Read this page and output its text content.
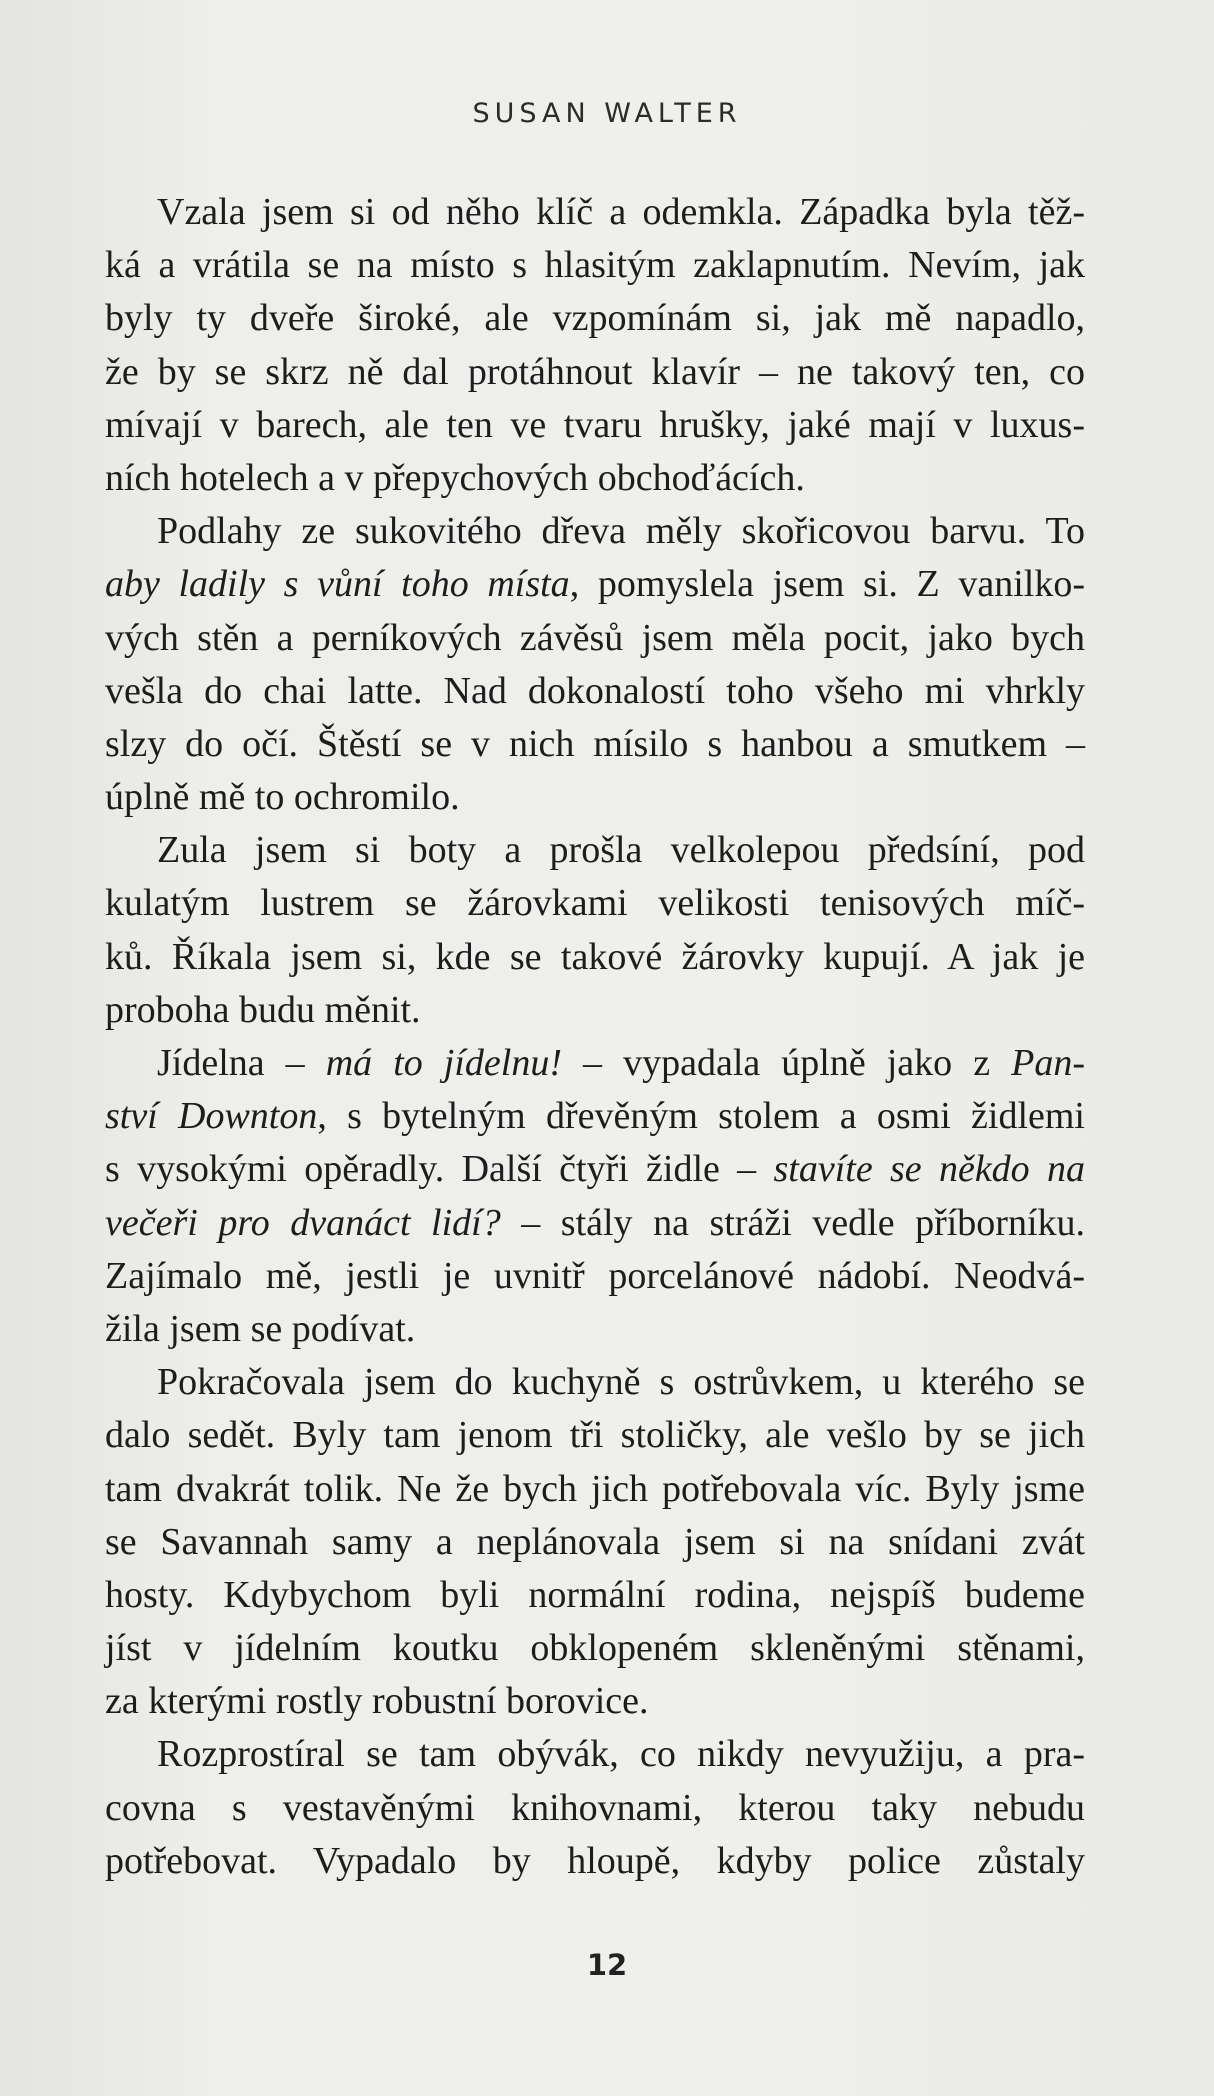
SUSAN WALTER
Vzala jsem si od něho klíč a odemkla. Západka byla těž-
ká a vrátila se na místo s hlasitým zaklapnutím. Nevím, jak
byly ty dveře široké, ale vzpomínám si, jak mě napadlo,
že by se skrz ně dal protáhnout klavír – ne takový ten, co
mívají v barech, ale ten ve tvaru hrušky, jaké mají v luxus-
ních hotelech a v přepychových obchoďácích.
Podlahy ze sukovitého dřeva měly skořicovou barvu. To
aby ladily s vůní toho místa, pomyslela jsem si. Z vanilko-
vých stěn a perníkových závěsů jsem měla pocit, jako bych
vešla do chai latte. Nad dokonalostí toho všeho mi vhrkly
slzy do očí. Štěstí se v nich mísilo s hanbou a smutkem –
úplně mě to ochromilo.
Zula jsem si boty a prošla velkolepou předsíní, pod
kulatým lustrem se žárovkami velikosti tenisových míč-
ků. Říkala jsem si, kde se takové žárovky kupují. A jak je
proboha budu měnit.
Jídelna – má to jídelnu! – vypadala úplně jako z Pan-
ství Downton, s bytelným dřevěným stolem a osmi židlemi
s vysokými opěradly. Další čtyři židle – stavíte se někdo na
večeři pro dvanáct lidí? – stály na stráži vedle příborníku.
Zajímalo mě, jestli je uvnitř porcelánové nádobí. Neodvá-
žila jsem se podívat.
Pokračovala jsem do kuchyně s ostrůvkem, u kterého se
dalo sedět. Byly tam jenom tři stoličky, ale vešlo by se jich
tam dvakrát tolik. Ne že bych jich potřebovala víc. Byly jsme
se Savannah samy a neplánovala jsem si na snídani zvát
hosty. Kdybychom byli normální rodina, nejspíš budeme
jíst v jídelním koutku obklopeném skleněnými stěnami,
za kterými rostly robustní borovice.
Rozprostíral se tam obývák, co nikdy nevyužiju, a pra-
covna s vestavěnými knihovnami, kterou taky nebudu
potřebovat. Vypadalo by hloupě, kdyby police zůstaly
12
